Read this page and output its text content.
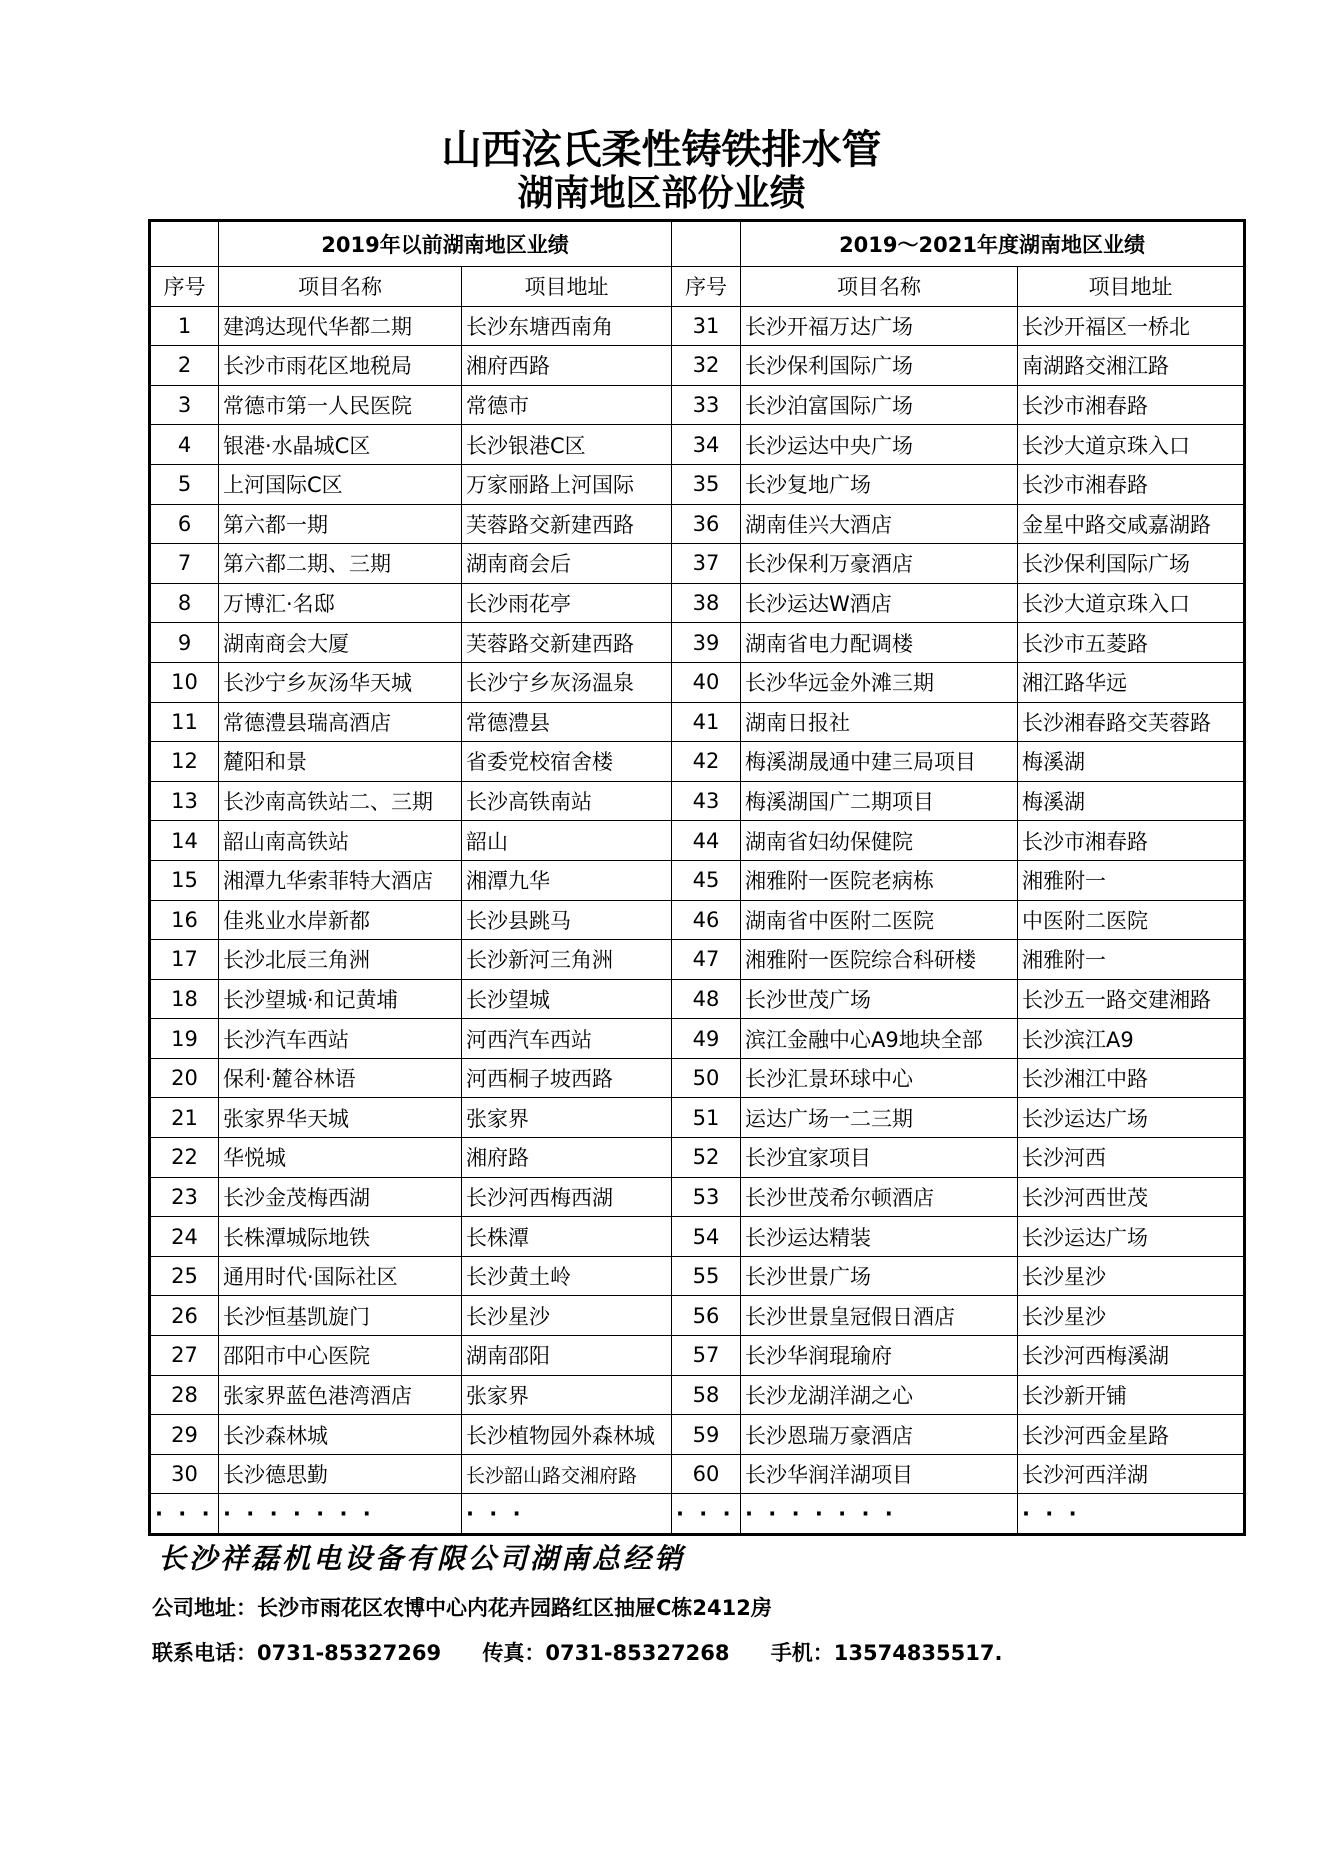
山西泫氏柔性铸铁排水管
湖南地区部份业绩
	2019年以前湖南地区业绩			2019～2021年度湖南地区业绩	
序号	项目名称	项目地址	序号	项目名称	项目地址
1	建鸿达现代华都二期	长沙东塘西南角	31	长沙开福万达广场	长沙开福区一桥北
2	长沙市雨花区地税局	湘府西路	32	长沙保利国际广场	南湖路交湘江路
3	常德市第一人民医院	常德市	33	长沙泊富国际广场	长沙市湘春路
4	银港·水晶城C区	长沙银港C区	34	长沙运达中央广场	长沙大道京珠入口
5	上河国际C区	万家丽路上河国际	35	长沙复地广场	长沙市湘春路
6	第六都一期	芙蓉路交新建西路	36	湖南佳兴大酒店	金星中路交咸嘉湖路
7	第六都二期、三期	湖南商会后	37	长沙保利万豪酒店	长沙保利国际广场
8	万博汇·名邸	长沙雨花亭	38	长沙运达W酒店	长沙大道京珠入口
9	湖南商会大厦	芙蓉路交新建西路	39	湖南省电力配调楼	长沙市五菱路
10	长沙宁乡灰汤华天城	长沙宁乡灰汤温泉	40	长沙华远金外滩三期	湘江路华远
11	常德澧县瑞高酒店	常德澧县	41	湖南日报社	长沙湘春路交芙蓉路
12	麓阳和景	省委党校宿舍楼	42	梅溪湖晟通中建三局项目	梅溪湖
13	长沙南高铁站二、三期	长沙高铁南站	43	梅溪湖国广二期项目	梅溪湖
14	韶山南高铁站	韶山	44	湖南省妇幼保健院	长沙市湘春路
15	湘潭九华索菲特大酒店	湘潭九华	45	湘雅附一医院老病栋	湘雅附一
16	佳兆业水岸新都	长沙县跳马	46	湖南省中医附二医院	中医附二医院
17	长沙北辰三角洲	长沙新河三角洲	47	湘雅附一医院综合科研楼	湘雅附一
18	长沙望城·和记黄埔	长沙望城	48	长沙世茂广场	长沙五一路交建湘路
19	长沙汽车西站	河西汽车西站	49	滨江金融中心A9地块全部	长沙滨江A9
20	保利·麓谷林语	河西桐子坡西路	50	长沙汇景环球中心	长沙湘江中路
21	张家界华天城	张家界	51	运达广场一二三期	长沙运达广场
22	华悦城	湘府路	52	长沙宜家项目	长沙河西
23	长沙金茂梅西湖	长沙河西梅西湖	53	长沙世茂希尔顿酒店	长沙河西世茂
24	长株潭城际地铁	长株潭	54	长沙运达精装	长沙运达广场
25	通用时代·国际社区	长沙黄土岭	55	长沙世景广场	长沙星沙
26	长沙恒基凯旋门	长沙星沙	56	长沙世景皇冠假日酒店	长沙星沙
27	邵阳市中心医院	湖南邵阳	57	长沙华润琨瑜府	长沙河西梅溪湖
28	张家界蓝色港湾酒店	张家界	58	长沙龙湖洋湖之心	长沙新开铺
29	长沙森林城	长沙植物园外森林城	59	长沙恩瑞万豪酒店	长沙河西金星路
30	长沙德思勤	长沙韶山路交湘府路	60	长沙华润洋湖项目	长沙河西洋湖
· · ·	· · · · · · ·	· · ·	· · ·	· · · · · · ·	· · ·
长沙祥磊机电设备有限公司湖南总经销
公司地址：长沙市雨花区农博中心内花卉园路红区抽屉C栋2412房
联系电话：0731-85327269 传真：0731-85327268 手机：13574835517.
